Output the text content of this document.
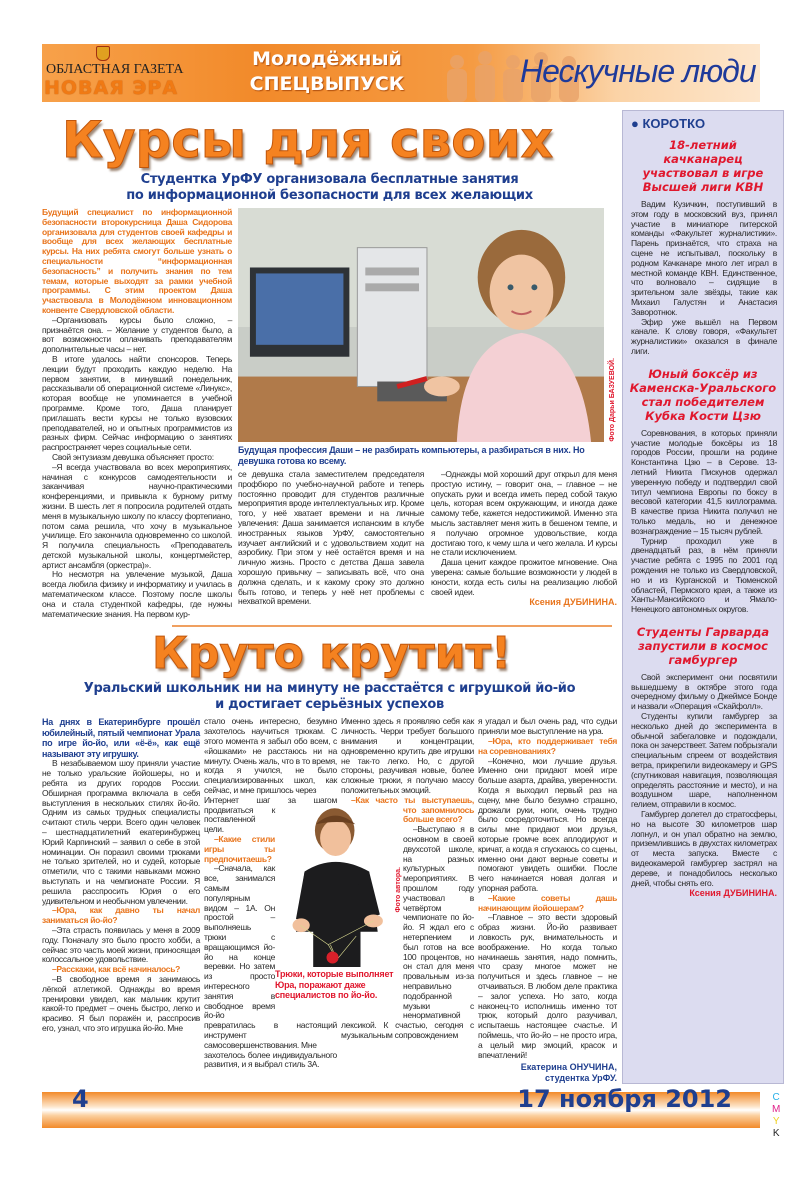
ОБЛАСТНАЯ ГАЗЕТА
НОВАЯ ЭРА
Молодёжный
СПЕЦВЫПУСК	Нескучные люди
Курсы для своих
Студентка УрФУ организовала бесплатные занятия
по информационной безопасности для всех желающих

Будущий специалист по информационной безопасности второкурсница Даша Сидорова организовала для студентов своей кафедры и вообще для всех желающих бесплатные курсы. На них ребята смогут больше узнать о специальности “информационная безопасность” и получить знания по тем темам, которые выходят за рамки учебной программы. С этим проектом Даша участвовала в Молодёжном инновационном конвенте Свердловской области.

–Организовать курсы было сложно, – признаётся она. – Желание у студентов было, а вот возможности оплачивать преподавателям дополнительные часы – нет.

В итоге удалось найти спонсоров. Теперь лекции будут проходить каждую неделю. На первом занятии, в минувший понедельник, рассказывали об операционной системе «Линукс», которая вообще не упоминается в учебной программе. Кроме того, Даша планирует приглашать вести курсы не только вузовских преподавателей, но и опытных программистов из разных фирм. Сейчас информацию о занятиях распространяет через социальные сети.

Свой энтузиазм девушка объясняет просто:

–Я всегда участвовала во всех мероприятиях, начиная с конкурсов самодеятельности и заканчивая научно-практическими конференциями, и привыкла к бурному ритму жизни. В шесть лет я попросила родителей отдать меня в музыкальную школу по классу фортепиано, потом сама решила, что хочу в музыкальное училище. Его закончила одновременно со школой. Я получила специальность «Преподаватель детской музыкальной школы, концертмейстер, артист ансамбля (оркестра)».

Но несмотря на увлечение музыкой, Даша всегда любила физику и информатику и училась в математическом классе. Поэтому после школы она и стала студенткой кафедры, где нужны математические знания. На первом кур-

Фото Дарьи БАЗУЕВОЙ.
Будущая профессия Даши – не разбирать компьютеры, а разбираться в них. Но девушка готова ко всему.

се девушка стала заместителем председателя профбюро по учебно-научной работе и теперь постоянно проводит для студентов различные мероприятия вроде интеллектуальных игр. Кроме того, у неё хватает времени и на личные увлечения: Даша занимается испанским в клубе иностранных языков УрФУ, самостоятельно изучает английский и с удовольствием ходит на аэробику. При этом у неё остаётся время и на личную жизнь. Просто с детства Даша завела хорошую привычку – записывать всё, что она должна сделать, и к какому сроку это должно быть готово, и теперь у неё нет проблемы с нехваткой времени.

–Однажды мой хороший друг открыл для меня простую истину, – говорит она, – главное – не опускать руки и всегда иметь перед собой такую цель, которая всем окружающим, и иногда даже самому тебе, кажется недостижимой. Именно эта мысль заставляет меня жить в бешеном темпе, и я получаю огромное удовольствие, когда достигаю того, к чему шла и чего желала. И курсы не стали исключением.

Даша ценит каждое прожитое мгновение. Она уверена: самые большие возможности у людей в юности, когда есть силы на реализацию любой своей идеи.

Ксения ДУБИНИНА.
Круто крутит!
Уральский школьник ни на минуту не расстаётся с игрушкой йо-йо
и достигает серьёзных успехов

На днях в Екатеринбурге прошёл юбилейный, пятый чемпионат Урала по игре йо-йо, или «ё-ё», как ещё называют эту игрушку.

В незабываемом шоу приняли участие не только уральские йойошеры, но и ребята из других городов России. Обширная программа включала в себя выступления в нескольких стилях йо-йо. Одним из самых трудных специалисты считают стиль черри. Всего один человек – шестнадцатилетний екатеринбуржец Юрий Карпинский – заявил о себе в этой номинации. Он поразил своими трюками не только зрителей, но и судей, которые отметили, что с такими навыками можно выступать и на чемпионате России. Я решила расспросить Юрия о его удивительном и необычном увлечении.

–Юра, как давно ты начал заниматься йо-йо?

–Эта страсть появилась у меня в 2009 году. Поначалу это было просто хобби, а сейчас это часть моей жизни, приносящая колоссальное удовольствие.

–Расскажи, как всё начиналось?

–В свободное время я занимаюсь лёгкой атлетикой. Однажды во время тренировки увидел, как мальчик крутит какой-то предмет – очень быстро, легко и красиво. Я был поражён и, расспросив его, узнал, что это игрушка йо-йо. Мне

стало очень интересно, безумно захотелось научиться трюкам. С этого момента я забыл обо всем, с «йошками» не расстаюсь ни на минуту. Очень жаль, что в то время, когда я учился, не было специализированных школ, как сейчас, и мне пришлось через

Интернет шаг за шагом продвигаться к поставленной цели.

–Какие стили игры ты предпочитаешь?

–Сначала, как все, занимался самым популярным видом – 1А. Он простой – выполняешь трюки с вращающимся йо-йо на конце веревки. Но затем из просто интересного занятия в свободное время йо-йо превратилась в настоящий инструмент самосовершенствования. Мне

захотелось более индивидуального развития, и я выбрал стиль 3А.

Именно здесь я проявляю себя как личность. Черри требует большого внимания и концентрации, одновременно крутить две игрушки не так-то легко. Но, с другой стороны, разучивая новые, более сложные трюки, я получаю массу положительных эмоций.

–Как часто ты выступаешь, что запомнилось больше всего?

–Выступаю я в основном в своей двухсотой школе, на разных культурных мероприятиях. В прошлом году участвовал в четвёртом чемпионате по йо-йо. Я ждал его с нетерпением и был готов на все 100 процентов, но он стал для меня провальным из-за неправильно подобранной музыки с ненормативной лексикой. К счастью, сегодня с музыкальным сопровождением

Фото автора.
Трюки, которые выполняет Юра, поражают даже специалистов по йо-йо.

я угадал и был очень рад, что судьи приняли мое выступление на ура.

–Юра, кто поддерживает тебя на соревнованиях?

–Конечно, мои лучшие друзья. Именно они придают моей игре больше азарта, драйва, уверенности. Когда я выходил первый раз на сцену, мне было безумно страшно, дрожали руки, ноги, очень трудно было сосредоточиться. Но всегда силы мне придают мои друзья, которые громче всех аплодируют и кричат, а когда я спускаюсь со сцены, именно они дают верные советы и помогают увидеть ошибки. После чего начинается новая долгая и упорная работа.

–Какие советы дашь начинающим йойошерам?

–Главное – это вести здоровый образ жизни. Йо-йо развивает ловкость рук, внимательность и воображение. Но когда только начинаешь занятия, надо помнить, что сразу многое может не получиться и здесь главное – не отчаиваться. В любом деле практика – залог успеха. Но зато, когда наконец-то исполнишь именно тот трюк, который долго разучивал, испытаешь настоящее счастье. И поймешь, что йо-йо – не просто игра, а целый мир эмоций, красок и впечатлений!

Екатерина ОНУЧИНА,
студентка УрФУ.
● КОРОТКО
18-летний качканарец участвовал в игре Высшей лиги КВН

Вадим Кузичкин, поступивший в этом году в московский вуз, принял участие в миниатюре питерской команды «Факультет журналистики». Парень признаётся, что страха на сцене не испытывал, поскольку в родном Качканаре много лет играл в местной команде КВН. Единственное, что волновало – сидящие в зрительном зале звёзды, такие как Михаил Галустян и Анастасия Заворотнюк.

Эфир уже вышёл на Первом канале. К слову говоря, «Факультет журналистики» оказался в финале лиги.

Юный боксёр из Каменска-Уральского стал победителем Кубка Кости Цзю

Соревнования, в которых приняли участие молодые боксёры из 18 городов России, прошли на родине Константина Цзю – в Серове. 13-летний Никита Пискунов одержал уверенную победу и подтвердил свой титул чемпиона Европы по боксу в весовой категории 41,5 киллограмма. В качестве приза Никита получил не только медаль, но и денежное вознаграждение – 15 тысяч рублей.

Турнир проходил уже в двенадцатый раз, в нём приняли участие ребята с 1995 по 2001 год рождения не только из Свердловской, но и из Курганской и Тюменской областей, Пермского края, а также из Ханты-Мансийского и Ямало-Ненецкого автономных округов.

Студенты Гарварда запустили в космос гамбургер

Свой эксперимент они посвятили вышедшему в октябре этого года очередному фильму о Джеймсе Бонде и назвали «Операция «Скайфолл».

Студенты купили гамбургер за несколько дней до эксперимента в обычной забегаловке и подождали, пока он зачерствеет. Затем побрызгали специальным спреем от воздействия ветра, прикрепили видеокамеру и GPS (спутниковая навигация, позволяющая определять расстояние и место), и на воздушном шаре, наполненном гелием, отправили в космос.

Гамбургер долетел до стратосферы, но на высоте 30 километров шар лопнул, и он упал обратно на землю, приземлившись в двухстах километрах от места запуска. Вместе с видеокамерой гамбургер застрял на дереве, и понадобилось несколько дней, чтобы снять его.

Ксения ДУБИНИНА.
4	17 ноября 2012	C
M
Y
K
